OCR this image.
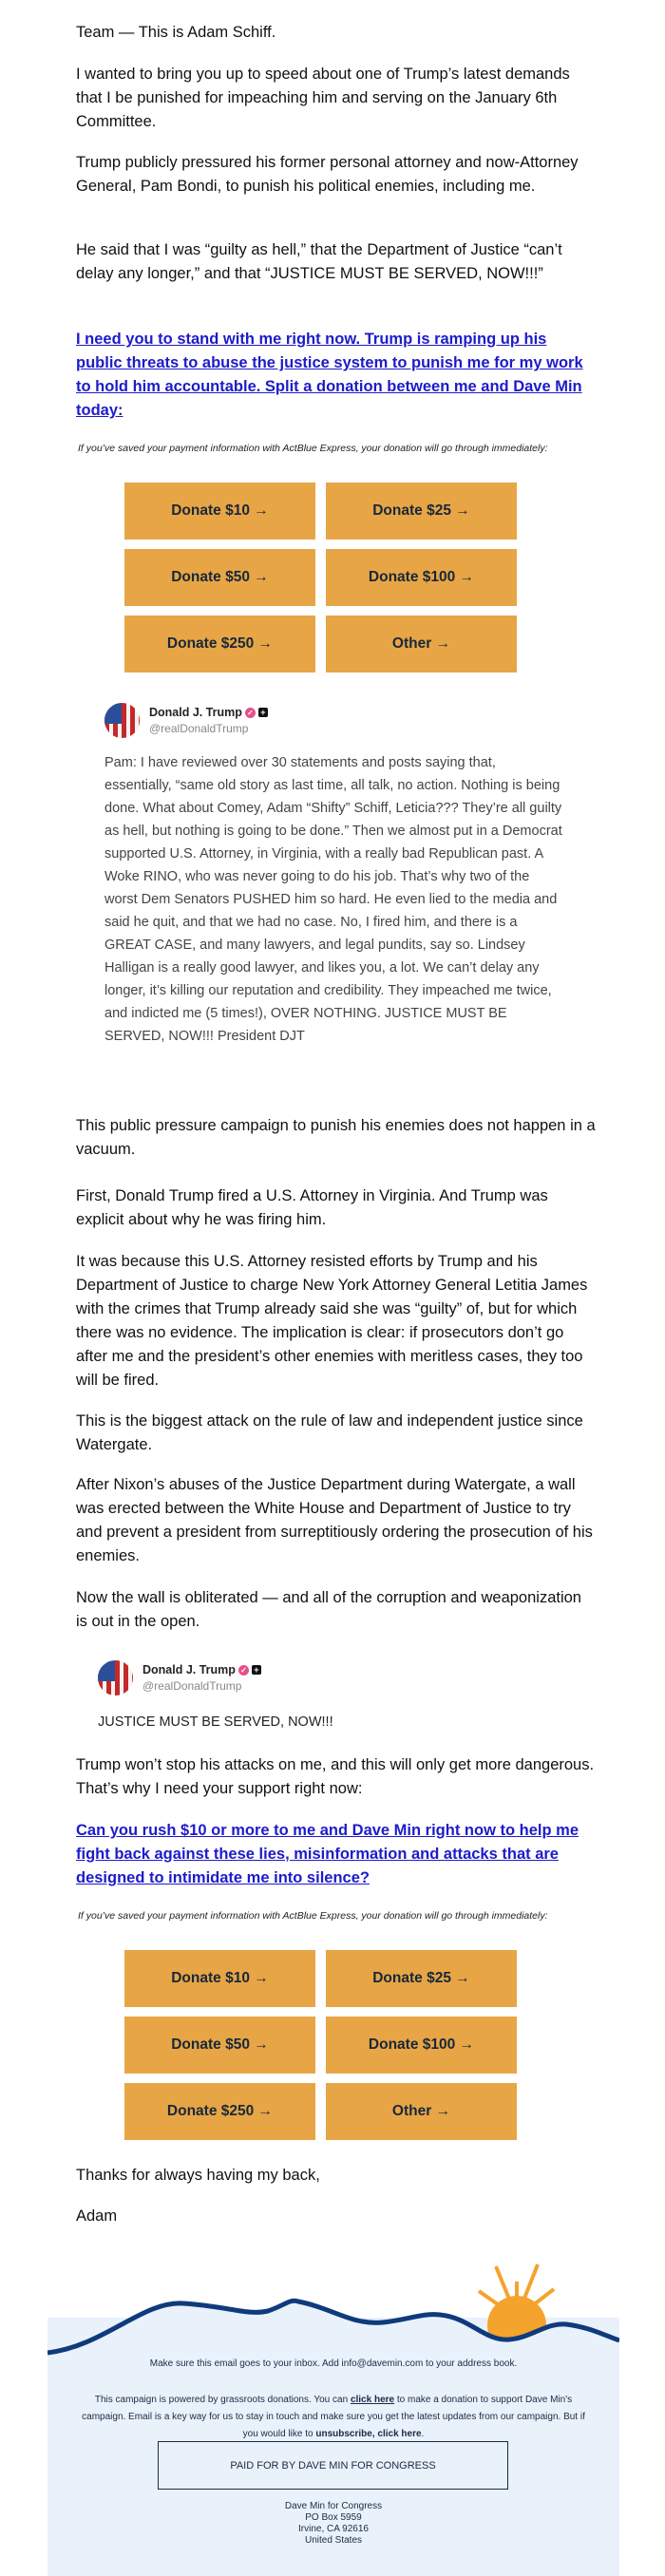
Team — This is Adam Schiff.

I wanted to bring you up to speed about one of Trump’s latest demands that I be punished for impeaching him and serving on the January 6th Committee.

Trump publicly pressured his former personal attorney and now-Attorney General, Pam Bondi, to punish his political enemies, including me.

He said that I was “guilty as hell,” that the Department of Justice “can’t delay any longer,” and that “JUSTICE MUST BE SERVED, NOW!!!”

I need you to stand with me right now. Trump is ramping up his public threats to abuse the justice system to punish me for my work to hold him accountable. Split a donation between me and Dave Min today:

If you’ve saved your payment information with ActBlue Express, your donation will go through immediately:

Donate $10 →	Donate $25 →
Donate $50 →	Donate $100 →
Donate $250 →	Other →
Donald J. Trump ✓ +
@realDonaldTrump

Pam: I have reviewed over 30 statements and posts saying that, essentially, “same old story as last time, all talk, no action. Nothing is being done. What about Comey, Adam “Shifty” Schiff, Leticia??? They’re all guilty as hell, but nothing is going to be done.” Then we almost put in a Democrat supported U.S. Attorney, in Virginia, with a really bad Republican past. A Woke RINO, who was never going to do his job. That’s why two of the worst Dem Senators PUSHED him so hard. He even lied to the media and said he quit, and that we had no case. No, I fired him, and there is a GREAT CASE, and many lawyers, and legal pundits, say so. Lindsey Halligan is a really good lawyer, and likes you, a lot. We can’t delay any longer, it’s killing our reputation and credibility. They impeached me twice, and indicted me (5 times!), OVER NOTHING. JUSTICE MUST BE SERVED, NOW!!! President DJT

This public pressure campaign to punish his enemies does not happen in a vacuum.

First, Donald Trump fired a U.S. Attorney in Virginia. And Trump was explicit about why he was firing him.

It was because this U.S. Attorney resisted efforts by Trump and his Department of Justice to charge New York Attorney General Letitia James with the crimes that Trump already said she was “guilty” of, but for which there was no evidence. The implication is clear: if prosecutors don’t go after me and the president’s other enemies with meritless cases, they too will be fired.

This is the biggest attack on the rule of law and independent justice since Watergate.

After Nixon’s abuses of the Justice Department during Watergate, a wall was erected between the White House and Department of Justice to try and prevent a president from surreptitiously ordering the prosecution of his enemies.

Now the wall is obliterated — and all of the corruption and weaponization is out in the open.

Donald J. Trump ✓ +
@realDonaldTrump

JUSTICE MUST BE SERVED, NOW!!!

Trump won’t stop his attacks on me, and this will only get more dangerous. That’s why I need your support right now:

Can you rush $10 or more to me and Dave Min right now to help me fight back against these lies, misinformation and attacks that are designed to intimidate me into silence?

If you’ve saved your payment information with ActBlue Express, your donation will go through immediately:

Donate $10 →	Donate $25 →
Donate $50 →	Donate $100 →
Donate $250 →	Other →

Thanks for always having my back,

Adam

Make sure this email goes to your inbox. Add info@davemin.com to your address book.

This campaign is powered by grassroots donations. You can click here to make a donation to support Dave Min's campaign. Email is a key way for us to stay in touch and make sure you get the latest updates from our campaign. But if you would like to unsubscribe, click here.

PAID FOR BY DAVE MIN FOR CONGRESS

Dave Min for Congress
PO Box 5959
Irvine, CA 92616
United States
